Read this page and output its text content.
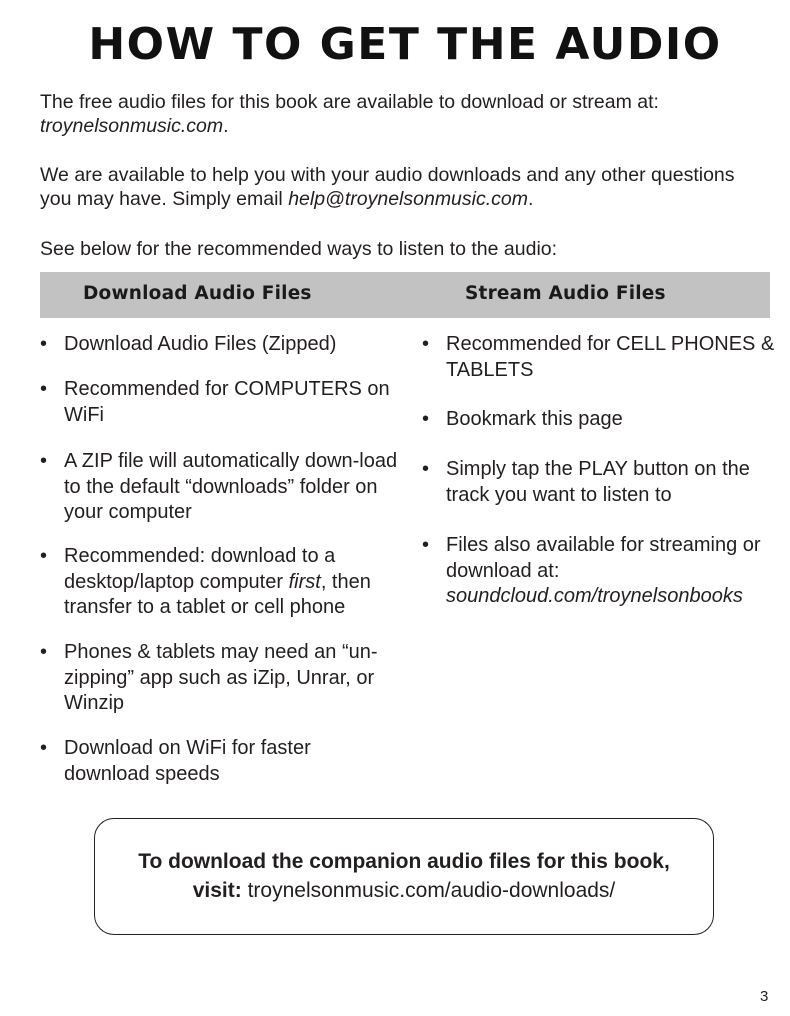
HOW TO GET THE AUDIO

The free audio files for this book are available to download or stream at:
troynelsonmusic.com.

We are available to help you with your audio downloads and any other questions you may have. Simply email help@troynelsonmusic.com.

See below for the recommended ways to listen to the audio:

Download Audio Files	Stream Audio Files
• Download Audio Files (Zipped)
• Recommended for COMPUTERS on WiFi
• A ZIP file will automatically down-load to the default “downloads” folder on your computer
• Recommended: download to a desktop/laptop computer first, then transfer to a tablet or cell phone
• Phones & tablets may need an “un-zipping” app such as iZip, Unrar, or Winzip
• Download on WiFi for faster download speeds
• Recommended for CELL PHONES & TABLETS
• Bookmark this page
• Simply tap the PLAY button on the track you want to listen to
• Files also available for streaming or download at:
soundcloud.com/troynelsonbooks

To download the companion audio files for this book,

visit: troynelsonmusic.com/audio-downloads/

3
